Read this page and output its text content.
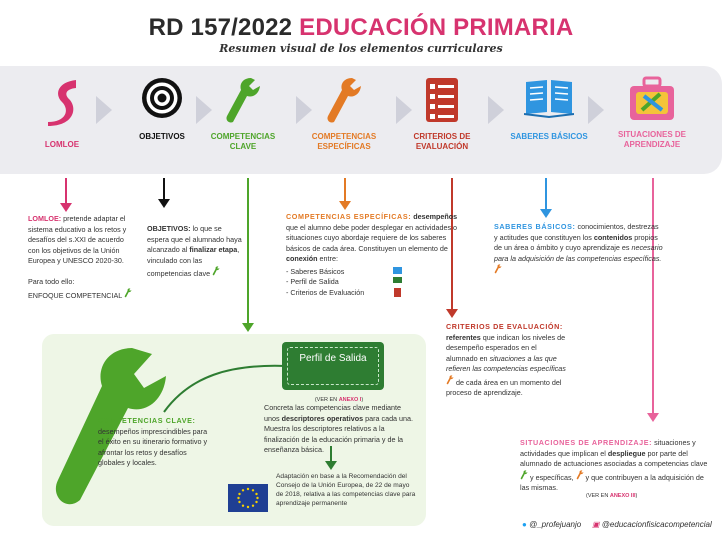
RD 157/2022 EDUCACIÓN PRIMARIA
Resumen visual de los elementos curriculares
LOMLOE
OBJETIVOS	COMPETENCIAS CLAVE
COMPETENCIAS ESPECÍFICAS
CRITERIOS DE EVALUACIÓN
SABERES BÁSICOS	SITUACIONES DE APRENDIZAJE
LOMLOE: pretende adaptar el sistema educativo a los retos y desafíos del s.XXI de acuerdo con los objetivos de la Unión Europea y UNESCO 2020-30.

Para todo ello:
ENFOQUE COMPETENCIAL
OBJETIVOS: lo que se espera que el alumnado haya alcanzado al finalizar etapa, vinculado con las competencias clave
COMPETENCIAS ESPECÍFICAS: desempeños que el alumno debe poder desplegar en actividades o situaciones cuyo abordaje requiere de los saberes básicos de cada área. Constituyen un elemento de conexión entre:
- Saberes Básicos
- Perfil de Salida
- Criterios de Evaluación
SABERES BÁSICOS: conocimientos, destrezas y actitudes que constituyen los contenidos propios de un área o ámbito y cuyo aprendizaje es necesario para la adquisición de las competencias específicas.
CRITERIOS DE EVALUACIÓN:
referentes que indican los niveles de desempeño esperados en el alumnado en situaciones a las que refieren las competencias específicas  de cada área en un momento del proceso de aprendizaje.
COMPETENCIAS CLAVE:
desempeños imprescindibles para el éxito en su itinerario formativo y afrontar los retos y desafíos globales y locales.
Perfil de Salida
(VER EN ANEXO I)
Concreta las competencias clave mediante unos descriptores operativos para cada una. Muestra los descriptores relativos a la finalización de la educación primaria y de la enseñanza básica.
Adaptación en base a la Recomendación del Consejo de la Unión Europea, de 22 de mayo de 2018, relativa a las competencias clave para aprendizaje permanente
SITUACIONES DE APRENDIZAJE: situaciones y actividades que implican el despliegue por parte del alumnado de actuaciones asociadas a competencias clave  y específicas,  y que contribuyen a la adquisición de las mismas.
(VER EN ANEXO III)
● @_profejuanjo ▣ @educacionfisicacompetencial
